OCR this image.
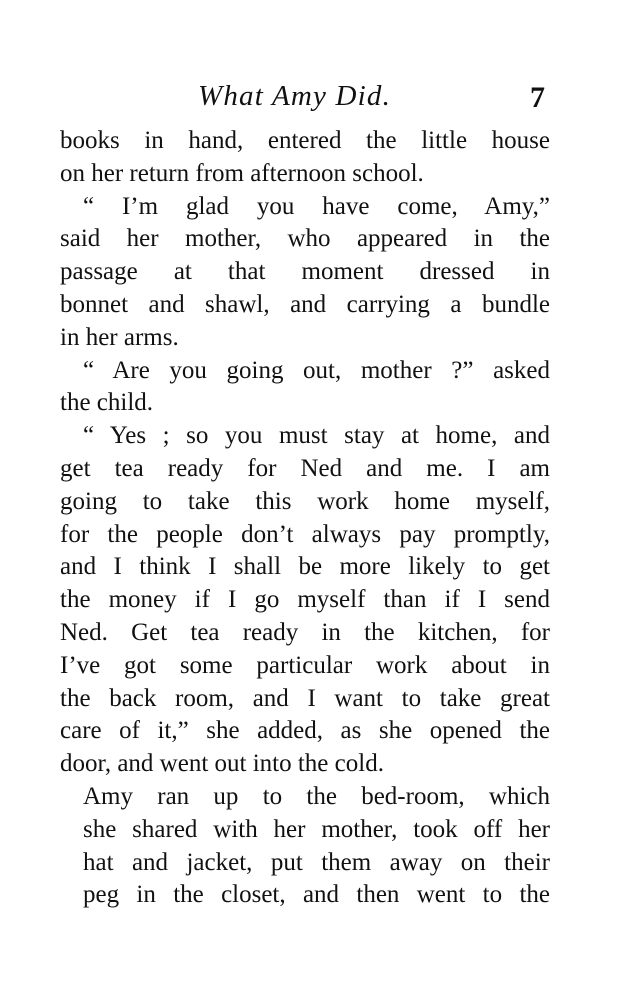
What Amy Did.	7
books in hand, entered the little house
on her return from afternoon school.
“ I’m glad you have come, Amy,”
said her mother, who appeared in the
passage at that moment dressed in
bonnet and shawl, and carrying a bundle
in her arms.
“ Are you going out, mother ?” asked
the child.
“ Yes ; so you must stay at home, and
get tea ready for Ned and me. I am
going to take this work home myself,
for the people don’t always pay promptly,
and I think I shall be more likely to get
the money if I go myself than if I send
Ned. Get tea ready in the kitchen, for
I’ve got some particular work about in
the back room, and I want to take great
care of it,” she added, as she opened the
door, and went out into the cold.
Amy ran up to the bed-room, which
she shared with her mother, took off her
hat and jacket, put them away on their
peg in the closet, and then went to the
